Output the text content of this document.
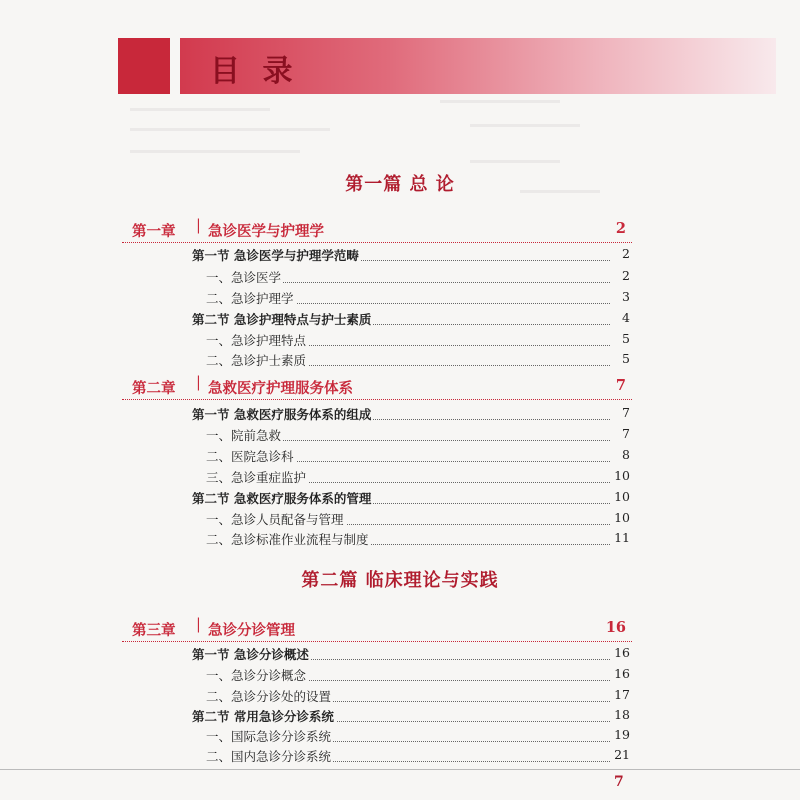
目 录
第一篇 总 论
第一章 | 急诊医学与护理学	2
第一节 急诊医学与护理学范畴	2
一、急诊医学	2
二、急诊护理学	3
第二节 急诊护理特点与护士素质	4
一、急诊护理特点	5
二、急诊护士素质	5
第二章 | 急救医疗护理服务体系	7
第一节 急救医疗服务体系的组成	7
一、院前急救	7
二、医院急诊科	8
三、急诊重症监护	10
第二节 急救医疗服务体系的管理	10
一、急诊人员配备与管理	10
二、急诊标准作业流程与制度	11
第二篇 临床理论与实践
第三章 | 急诊分诊管理	16
第一节 急诊分诊概述	16
一、急诊分诊概念	16
二、急诊分诊处的设置	17
第二节 常用急诊分诊系统	18
一、国际急诊分诊系统	19
二、国内急诊分诊系统	21
7
